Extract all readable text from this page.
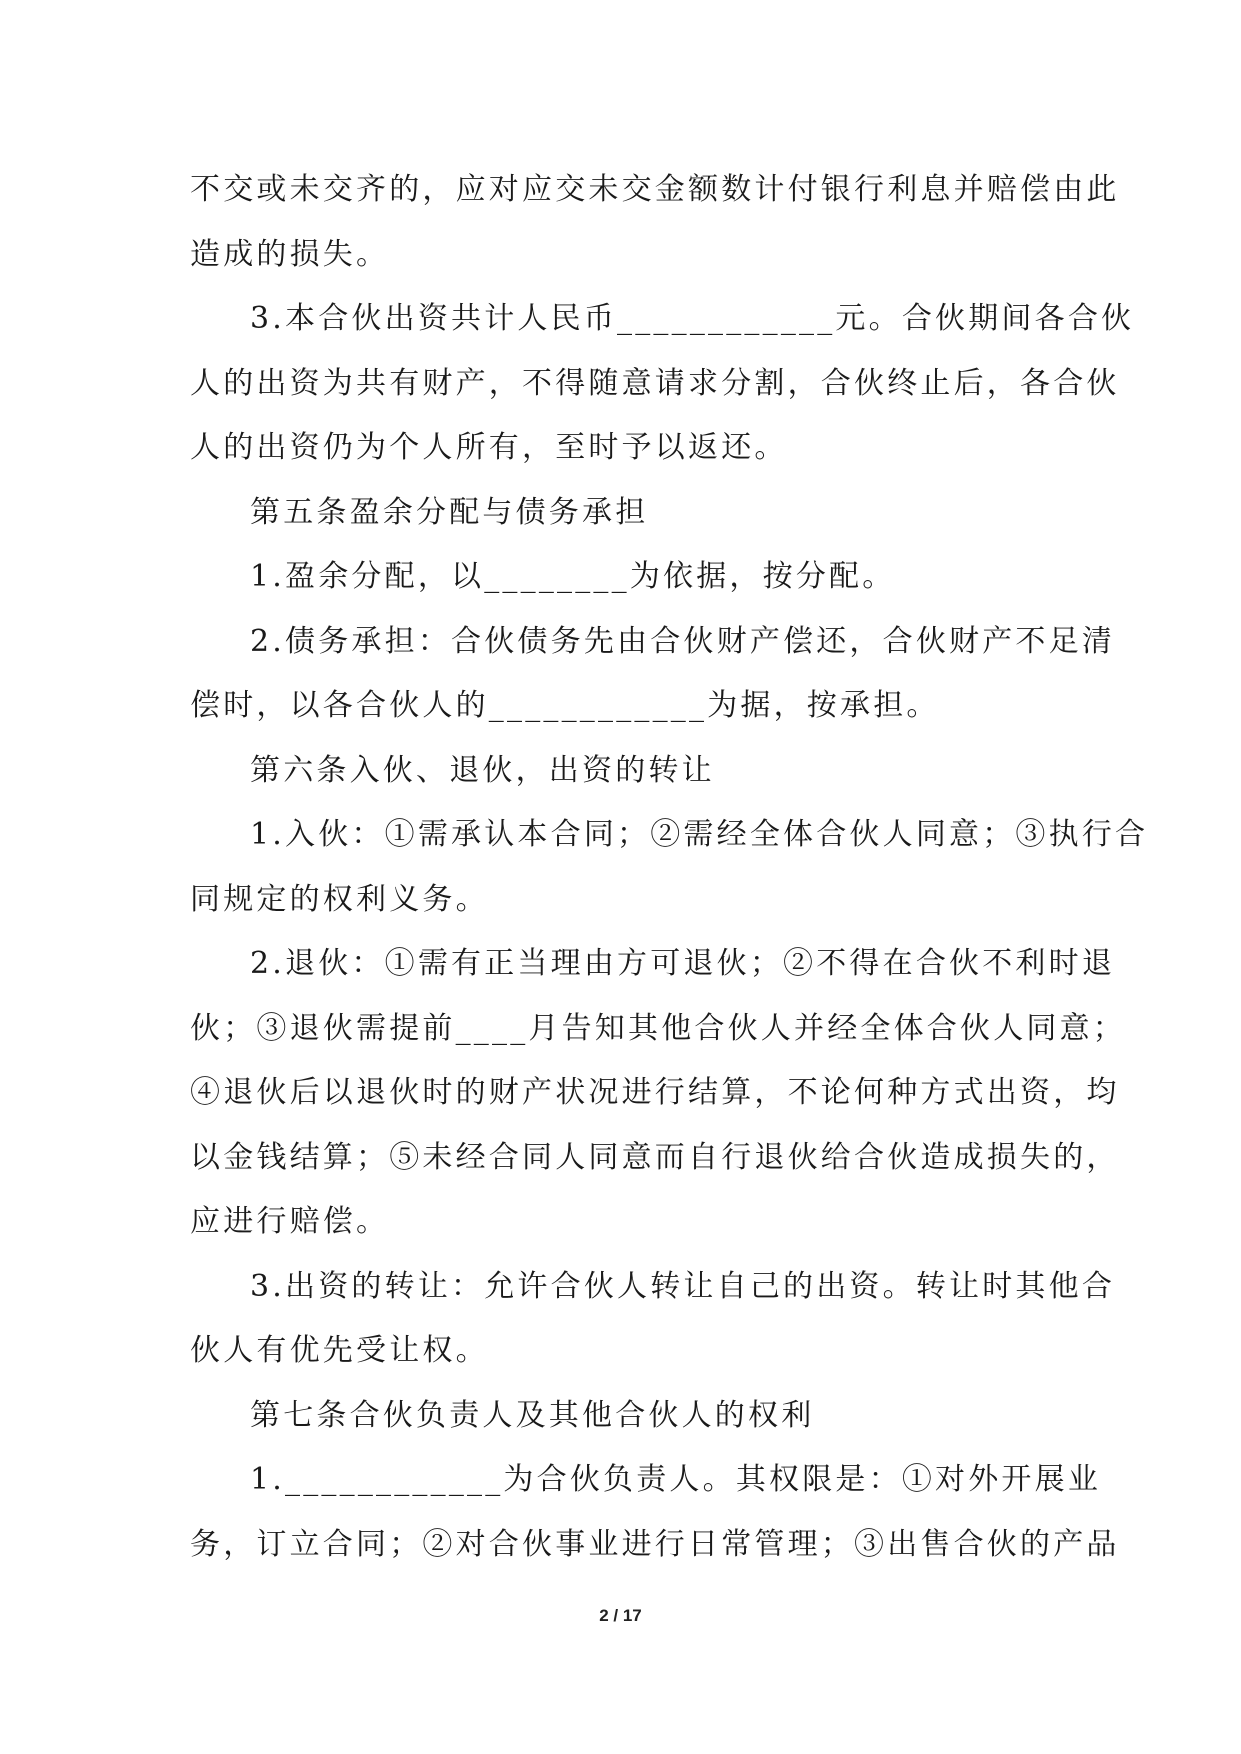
不交或未交齐的，应对应交未交金额数计付银行利息并赔偿由此
造成的损失。
3.本合伙出资共计人民币____________元。合伙期间各合伙
人的出资为共有财产，不得随意请求分割，合伙终止后，各合伙
人的出资仍为个人所有，至时予以返还。
第五条盈余分配与债务承担
1.盈余分配，以________为依据，按分配。
2.债务承担：合伙债务先由合伙财产偿还，合伙财产不足清
偿时，以各合伙人的____________为据，按承担。
第六条入伙、退伙，出资的转让
1.入伙：①需承认本合同；②需经全体合伙人同意；③执行合
同规定的权利义务。
2.退伙：①需有正当理由方可退伙；②不得在合伙不利时退
伙；③退伙需提前____月告知其他合伙人并经全体合伙人同意；
④退伙后以退伙时的财产状况进行结算，不论何种方式出资，均
以金钱结算；⑤未经合同人同意而自行退伙给合伙造成损失的，
应进行赔偿。
3.出资的转让：允许合伙人转让自己的出资。转让时其他合
伙人有优先受让权。
第七条合伙负责人及其他合伙人的权利
1.____________为合伙负责人。其权限是：①对外开展业
务，订立合同；②对合伙事业进行日常管理；③出售合伙的产品
2 / 17
